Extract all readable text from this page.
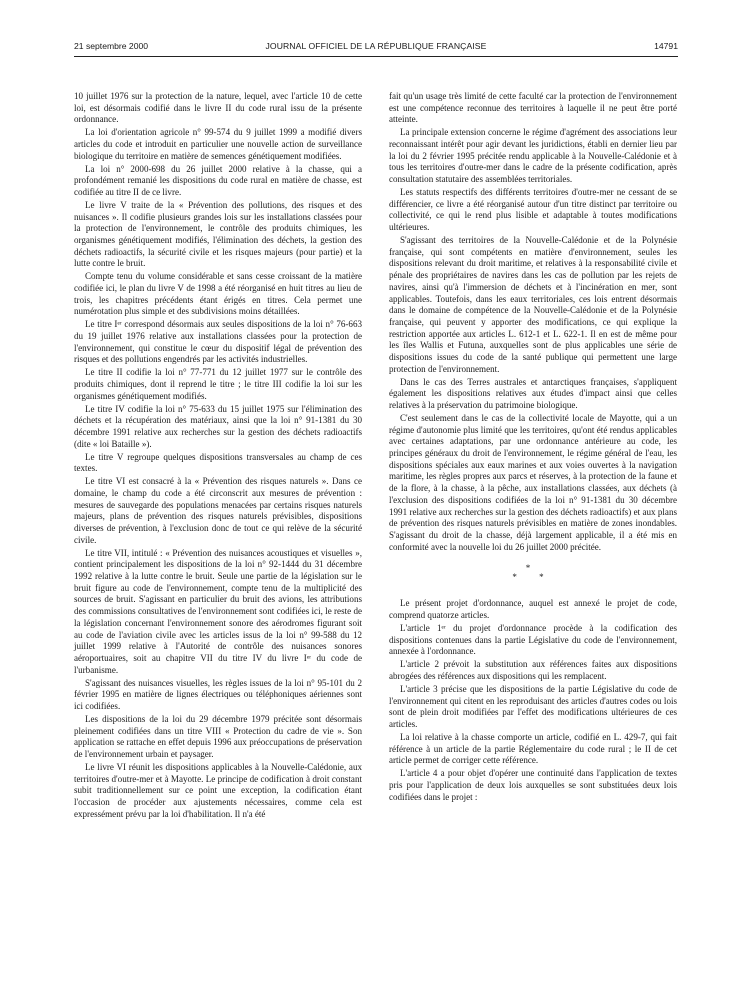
21 septembre 2000	JOURNAL OFFICIEL DE LA RÉPUBLIQUE FRANÇAISE	14791

10 juillet 1976 sur la protection de la nature, lequel, avec l'article 10 de cette loi, est désormais codifié dans le livre II du code rural issu de la présente ordonnance.

La loi d'orientation agricole n° 99-574 du 9 juillet 1999 a modifié divers articles du code et introduit en particulier une nouvelle action de surveillance biologique du territoire en matière de semences génétiquement modifiées.

La loi n° 2000-698 du 26 juillet 2000 relative à la chasse, qui a profondément remanié les dispositions du code rural en matière de chasse, est codifiée au titre II de ce livre.

Le livre V traite de la « Prévention des pollutions, des risques et des nuisances ». Il codifie plusieurs grandes lois sur les installations classées pour la protection de l'environnement, le contrôle des produits chimiques, les organismes génétiquement modifiés, l'élimination des déchets, la gestion des déchets radioactifs, la sécurité civile et les risques majeurs (pour partie) et la lutte contre le bruit.

Compte tenu du volume considérable et sans cesse croissant de la matière codifiée ici, le plan du livre V de 1998 a été réorganisé en huit titres au lieu de trois, les chapitres précédents étant érigés en titres. Cela permet une numérotation plus simple et des subdivisions moins détaillées.

Le titre Iᵉʳ correspond désormais aux seules dispositions de la loi n° 76-663 du 19 juillet 1976 relative aux installations classées pour la protection de l'environnement, qui constitue le cœur du dispositif légal de prévention des risques et des pollutions engendrés par les activités industrielles.

Le titre II codifie la loi n° 77-771 du 12 juillet 1977 sur le contrôle des produits chimiques, dont il reprend le titre ; le titre III codifie la loi sur les organismes génétiquement modifiés.

Le titre IV codifie la loi n° 75-633 du 15 juillet 1975 sur l'élimination des déchets et la récupération des matériaux, ainsi que la loi n° 91-1381 du 30 décembre 1991 relative aux recherches sur la gestion des déchets radioactifs (dite « loi Bataille »).

Le titre V regroupe quelques dispositions transversales au champ de ces textes.

Le titre VI est consacré à la « Prévention des risques naturels ». Dans ce domaine, le champ du code a été circonscrit aux mesures de prévention : mesures de sauvegarde des populations menacées par certains risques naturels majeurs, plans de prévention des risques naturels prévisibles, dispositions diverses de prévention, à l'exclusion donc de tout ce qui relève de la sécurité civile.

Le titre VII, intitulé : « Prévention des nuisances acoustiques et visuelles », contient principalement les dispositions de la loi n° 92-1444 du 31 décembre 1992 relative à la lutte contre le bruit. Seule une partie de la législation sur le bruit figure au code de l'environnement, compte tenu de la multiplicité des sources de bruit. S'agissant en particulier du bruit des avions, les attributions des commissions consultatives de l'environnement sont codifiées ici, le reste de la législation concernant l'environnement sonore des aérodromes figurant soit au code de l'aviation civile avec les articles issus de la loi n° 99-588 du 12 juillet 1999 relative à l'Autorité de contrôle des nuisances sonores aéroportuaires, soit au chapitre VII du titre IV du livre Iᵉʳ du code de l'urbanisme.

S'agissant des nuisances visuelles, les règles issues de la loi n° 95-101 du 2 février 1995 en matière de lignes électriques ou téléphoniques aériennes sont ici codifiées.

Les dispositions de la loi du 29 décembre 1979 précitée sont désormais pleinement codifiées dans un titre VIII « Protection du cadre de vie ». Son application se rattache en effet depuis 1996 aux préoccupations de préservation de l'environnement urbain et paysager.

Le livre VI réunit les dispositions applicables à la Nouvelle-Calédonie, aux territoires d'outre-mer et à Mayotte. Le principe de codification à droit constant subit traditionnellement sur ce point une exception, la codification étant l'occasion de procéder aux ajustements nécessaires, comme cela est expressément prévu par la loi d'habilitation. Il n'a été

fait qu'un usage très limité de cette faculté car la protection de l'environnement est une compétence reconnue des territoires à laquelle il ne peut être porté atteinte.

La principale extension concerne le régime d'agrément des associations leur reconnaissant intérêt pour agir devant les juridictions, établi en dernier lieu par la loi du 2 février 1995 précitée rendu applicable à la Nouvelle-Calédonie et à tous les territoires d'outre-mer dans le cadre de la présente codification, après consultation statutaire des assemblées territoriales.

Les statuts respectifs des différents territoires d'outre-mer ne cessant de se différencier, ce livre a été réorganisé autour d'un titre distinct par territoire ou collectivité, ce qui le rend plus lisible et adaptable à toutes modifications ultérieures.

S'agissant des territoires de la Nouvelle-Calédonie et de la Polynésie française, qui sont compétents en matière d'environnement, seules les dispositions relevant du droit maritime, et relatives à la responsabilité civile et pénale des propriétaires de navires dans les cas de pollution par les rejets de navires, ainsi qu'à l'immersion de déchets et à l'incinération en mer, sont applicables. Toutefois, dans les eaux territoriales, ces lois entrent désormais dans le domaine de compétence de la Nouvelle-Calédonie et de la Polynésie française, qui peuvent y apporter des modifications, ce qui explique la restriction apportée aux articles L. 612-1 et L. 622-1. Il en est de même pour les îles Wallis et Futuna, auxquelles sont de plus applicables une série de dispositions issues du code de la santé publique qui permettent une large protection de l'environnement.

Dans le cas des Terres australes et antarctiques françaises, s'appliquent également les dispositions relatives aux études d'impact ainsi que celles relatives à la préservation du patrimoine biologique.

C'est seulement dans le cas de la collectivité locale de Mayotte, qui a un régime d'autonomie plus limité que les territoires, qu'ont été rendus applicables avec certaines adaptations, par une ordonnance antérieure au code, les principes généraux du droit de l'environnement, le régime général de l'eau, les dispositions spéciales aux eaux marines et aux voies ouvertes à la navigation maritime, les règles propres aux parcs et réserves, à la protection de la faune et de la flore, à la chasse, à la pêche, aux installations classées, aux déchets (à l'exclusion des dispositions codifiées de la loi n° 91-1381 du 30 décembre 1991 relative aux recherches sur la gestion des déchets radioactifs) et aux plans de prévention des risques naturels prévisibles en matière de zones inondables. S'agissant du droit de la chasse, déjà largement applicable, il a été mis en conformité avec la nouvelle loi du 26 juillet 2000 précitée.

*
* *

Le présent projet d'ordonnance, auquel est annexé le projet de code, comprend quatorze articles.

L'article 1ᵉʳ du projet d'ordonnance procède à la codification des dispositions contenues dans la partie Législative du code de l'environnement, annexée à l'ordonnance.

L'article 2 prévoit la substitution aux références faites aux dispositions abrogées des références aux dispositions qui les remplacent.

L'article 3 précise que les dispositions de la partie Législative du code de l'environnement qui citent en les reproduisant des articles d'autres codes ou lois sont de plein droit modifiées par l'effet des modifications ultérieures de ces articles.

La loi relative à la chasse comporte un article, codifié en L. 429-7, qui fait référence à un article de la partie Réglementaire du code rural ; le II de cet article permet de corriger cette référence.

L'article 4 a pour objet d'opérer une continuité dans l'application de textes pris pour l'application de deux lois auxquelles se sont substituées deux lois codifiées dans le projet :
